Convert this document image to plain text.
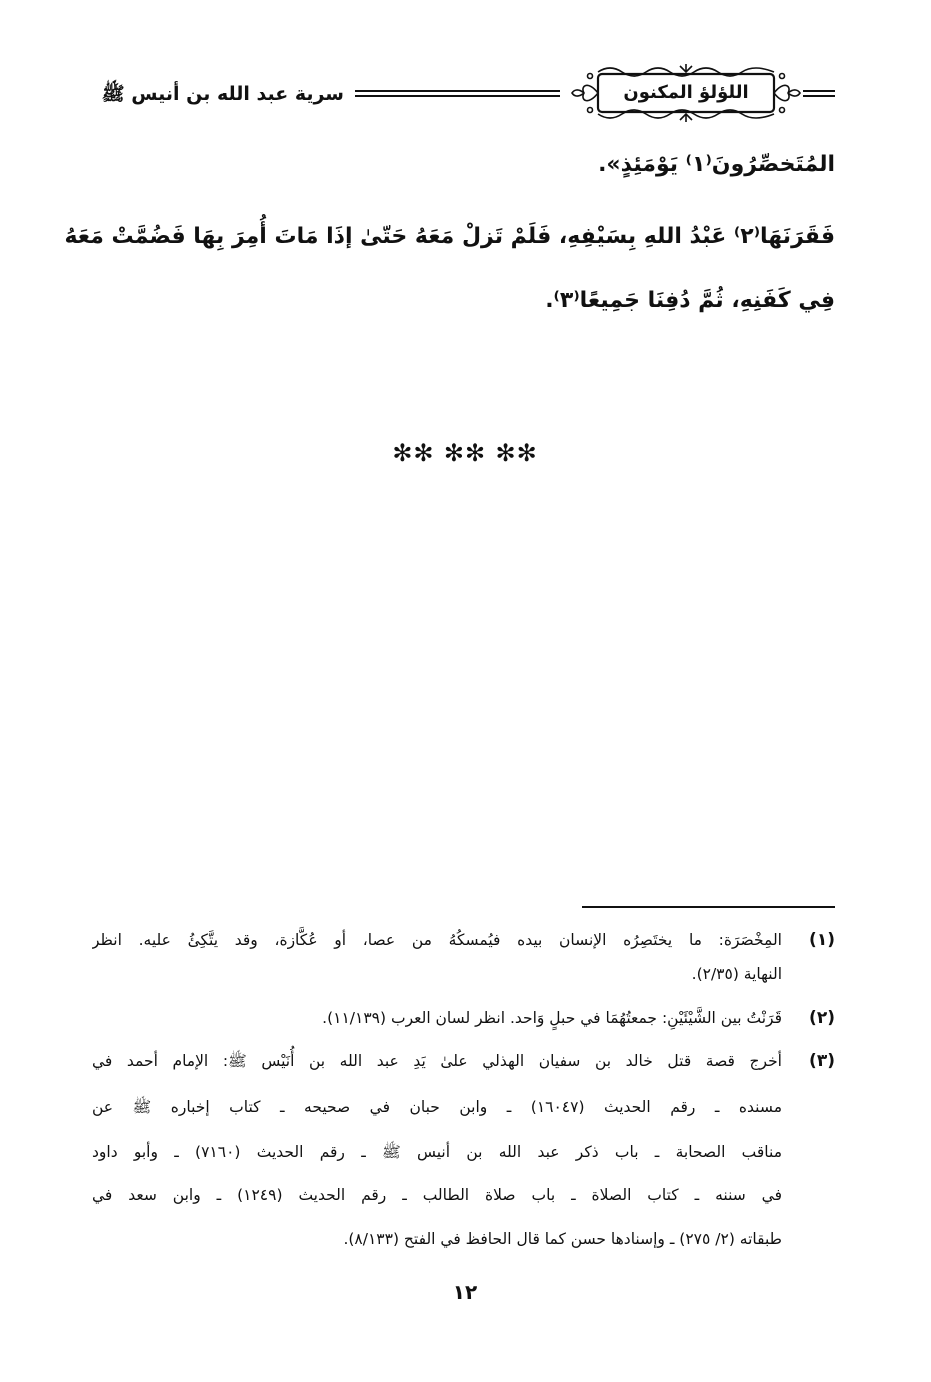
سرية عبد الله بن أنيس ﷺ	اللؤلؤ المكنون
المُتَخصِّرُونَ⁽١⁾ يَوْمَئِذٍ».
فَقَرَنَهَا⁽٢⁾ عَبْدُ اللهِ بِسَيْفِهِ، فَلَمْ تَزلْ مَعَهُ حَتّىٰ إذَا مَاتَ أُمِرَ بِهَا فَضُمَّتْ مَعَهُ
فِي كَفَنِهِ، ثُمَّ دُفِنَا جَمِيعًا⁽٣⁾.
✻✻ ✻✻ ✻✻
(١)
المِخْصَرَة: ما يختَصِرُه الإنسان بيده فيُمسكُهُ من عصا، أو عُكَّازة، وقد يتَّكِئُ عليه. انظر
النهاية (٢/٣٥).
(٢)
قَرَنْتُ بين الشَّيْئَيْنِ: جمعتُهُمَا في حبلٍ وَاحد. انظر لسان العرب (١١/١٣٩).
(٣)
أخرج قصة قتل خالد بن سفيان الهذلي علىٰ يَدِ عبد الله بن أُنَيْس ﷺ: الإمام أحمد في
مسنده ـ رقم الحديث (١٦٠٤٧) ـ وابن حبان في صحيحه ـ كتاب إخباره ﷺ عن
مناقب الصحابة ـ باب ذكر عبد الله بن أنيس ﷺ ـ رقم الحديث (٧١٦٠) ـ وأبو داود
في سننه ـ كتاب الصلاة ـ باب صلاة الطالب ـ رقم الحديث (١٢٤٩) ـ وابن سعد في
طبقاته (٢/ ٢٧٥) ـ وإسنادها حسن كما قال الحافظ في الفتح (٨/١٣٣).
١٢
